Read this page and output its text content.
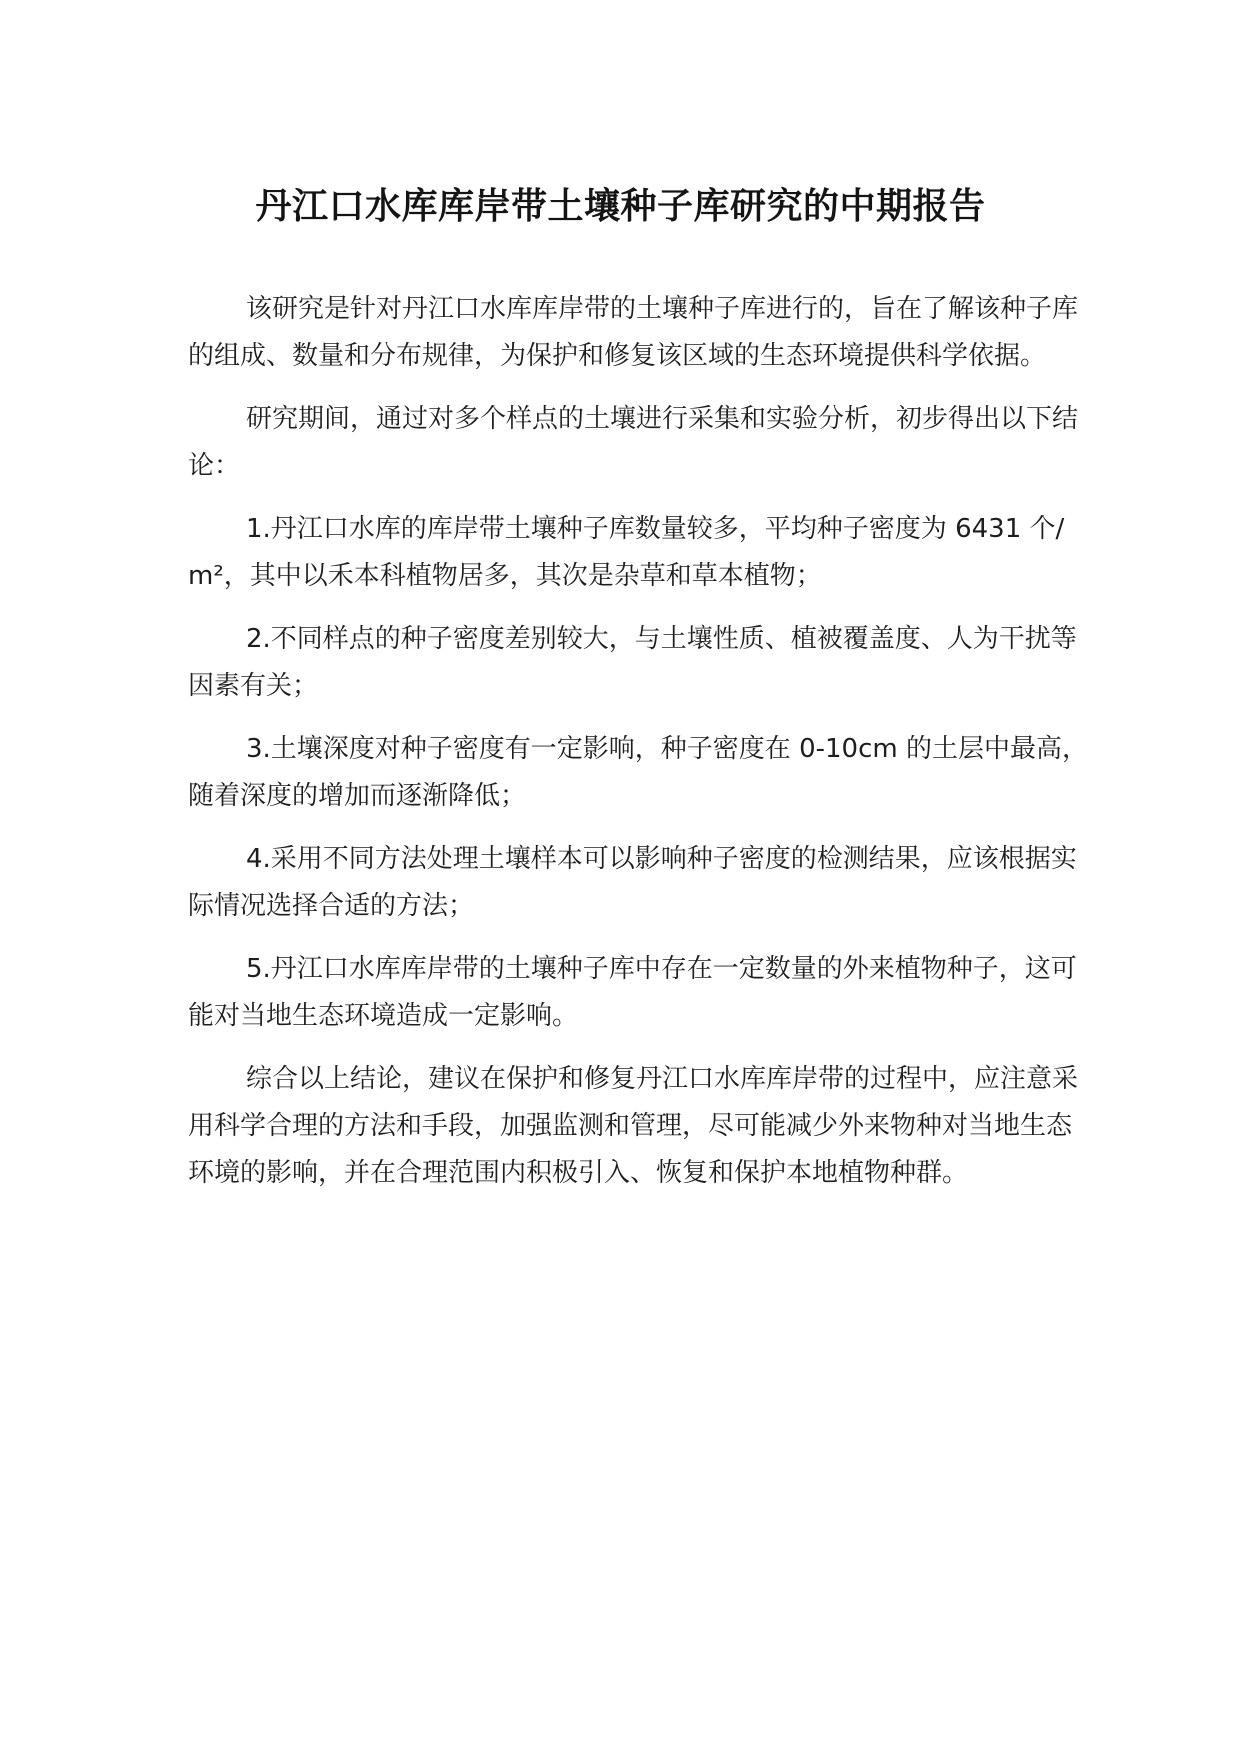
丹江口水库库岸带土壤种子库研究的中期报告

该研究是针对丹江口水库库岸带的土壤种子库进行的，旨在了解该种子库的组成、数量和分布规律，为保护和修复该区域的生态环境提供科学依据。

研究期间，通过对多个样点的土壤进行采集和实验分析，初步得出以下结论：

1.丹江口水库的库岸带土壤种子库数量较多，平均种子密度为 6431 个/m²，其中以禾本科植物居多，其次是杂草和草本植物；

2.不同样点的种子密度差别较大，与土壤性质、植被覆盖度、人为干扰等因素有关；

3.土壤深度对种子密度有一定影响，种子密度在 0-10cm 的土层中最高，随着深度的增加而逐渐降低；

4.采用不同方法处理土壤样本可以影响种子密度的检测结果，应该根据实际情况选择合适的方法；

5.丹江口水库库岸带的土壤种子库中存在一定数量的外来植物种子，这可能对当地生态环境造成一定影响。

综合以上结论，建议在保护和修复丹江口水库库岸带的过程中，应注意采用科学合理的方法和手段，加强监测和管理，尽可能减少外来物种对当地生态环境的影响，并在合理范围内积极引入、恢复和保护本地植物种群。
